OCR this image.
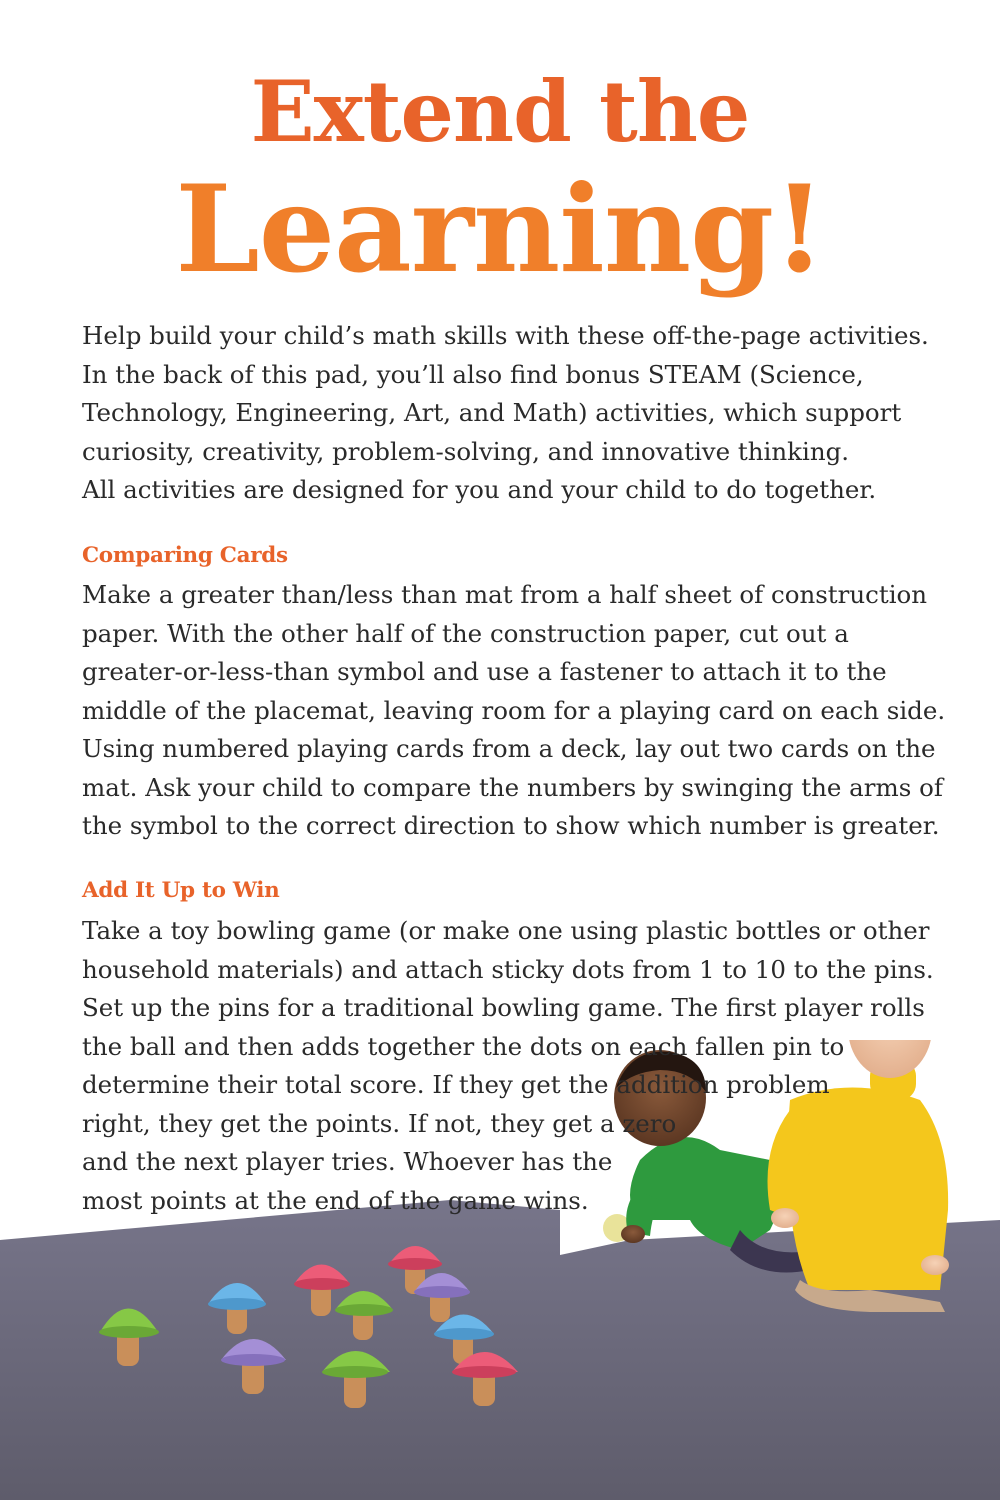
Extend the
Learning!
Help build your child’s math skills with these off-the-page activities.
In the back of this pad, you’ll also find bonus STEAM (Science,
Technology, Engineering, Art, and Math) activities, which support
curiosity, creativity, problem-solving, and innovative thinking.
All activities are designed for you and your child to do together.
Comparing Cards
Make a greater than/less than mat from a half sheet of construction
paper. With the other half of the construction paper, cut out a
greater-or-less-than symbol and use a fastener to attach it to the
middle of the placemat, leaving room for a playing card on each side.
Using numbered playing cards from a deck, lay out two cards on the
mat. Ask your child to compare the numbers by swinging the arms of
the symbol to the correct direction to show which number is greater.
Add It Up to Win
Take a toy bowling game (or make one using plastic bottles or other
household materials) and attach sticky dots from 1 to 10 to the pins.
Set up the pins for a traditional bowling game. The first player rolls
the ball and then adds together the dots on each fallen pin to
determine their total score. If they get the addition problem
right, they get the points. If not, they get a zero
and the next player tries. Whoever has the
most points at the end of the game wins.
